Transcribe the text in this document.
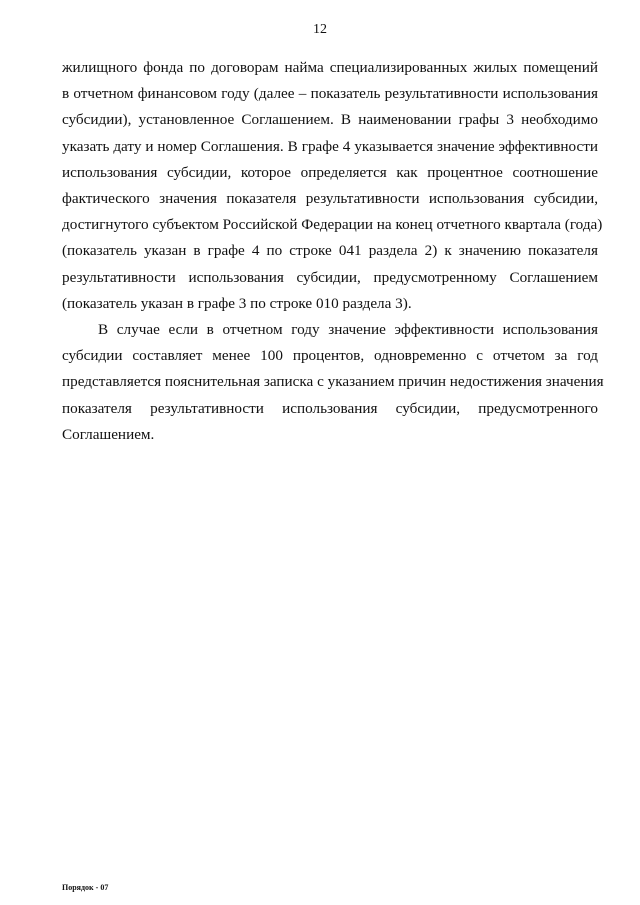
12
жилищного фонда по договорам найма специализированных жилых помещений
в отчетном финансовом году (далее – показатель результативности использования
субсидии), установленное Соглашением. В наименовании графы 3 необходимо
указать дату и номер Соглашения. В графе 4 указывается значение эффективности
использования субсидии, которое определяется как процентное соотношение
фактического значения показателя результативности использования субсидии,
достигнутого субъектом Российской Федерации на конец отчетного квартала (года)
(показатель указан в графе 4 по строке 041 раздела 2) к значению показателя
результативности использования субсидии, предусмотренному Соглашением
(показатель указан в графе 3 по строке 010 раздела 3).
В случае если в отчетном году значение эффективности использования
субсидии составляет менее 100 процентов, одновременно с отчетом за год
представляется пояснительная записка с указанием причин недостижения значения
показателя результативности использования субсидии, предусмотренного
Соглашением.
Порядок - 07
